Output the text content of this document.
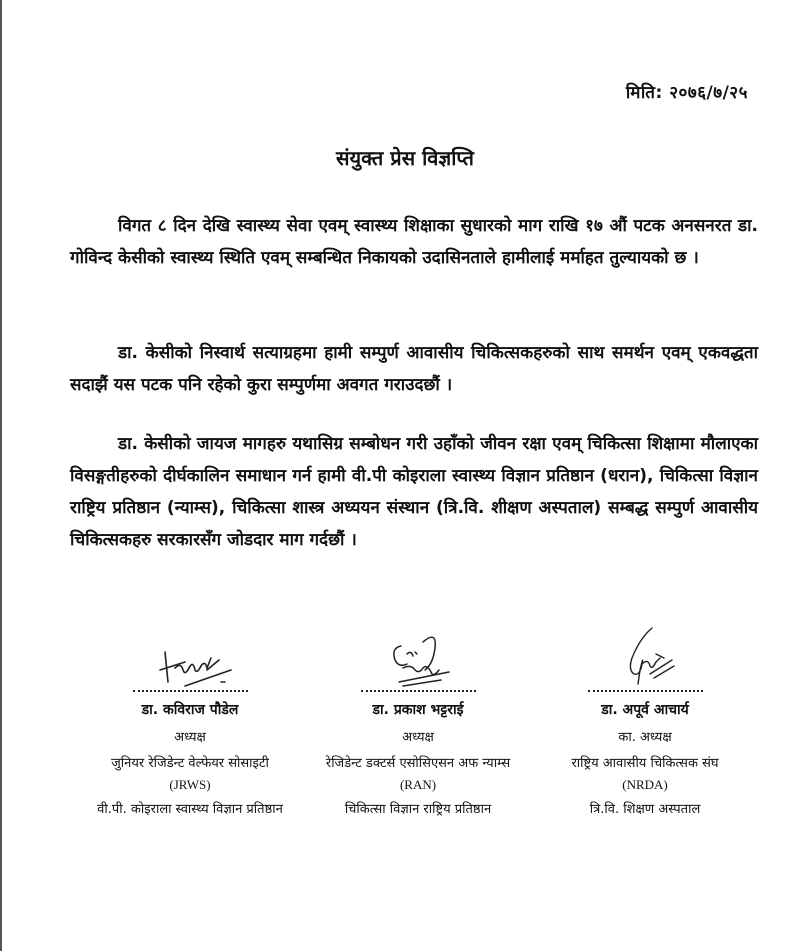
मिति: २०७६/७/२५
संयुक्त प्रेस विज्ञप्ति

विगत ८ दिन देखि स्वास्थ्य सेवा एवम् स्वास्थ्य शिक्षाका सुधारको माग राखि १७ औं पटक अनसनरत डा. गोविन्द केसीको स्वास्थ्य स्थिति एवम् सम्बन्धित निकायको उदासिनताले हामीलाई मर्माहत तुल्यायको छ ।

डा. केसीको निस्वार्थ सत्याग्रहमा हामी सम्पुर्ण आवासीय चिकित्सकहरुको साथ समर्थन एवम् एकवद्धता सदाझैं यस पटक पनि रहेको कुरा सम्पुर्णमा अवगत गराउदछौं ।

डा. केसीको जायज मागहरु यथासिग्र सम्बोधन गरी उहाँको जीवन रक्षा एवम् चिकित्सा शिक्षामा मौलाएका विसङ्गतीहरुको दीर्घकालिन समाधान गर्न हामी वी.पी कोइराला स्वास्थ्य विज्ञान प्रतिष्ठान (धरान), चिकित्सा विज्ञान राष्ट्रिय प्रतिष्ठान (न्याम्स), चिकित्सा शास्त्र अध्ययन संस्थान (त्रि.वि. शीक्षण अस्पताल) सम्बद्ध सम्पुर्ण आवासीय चिकित्सकहरु सरकारसँग जोडदार माग गर्दछौं ।

डा. कविराज पौडेल
अध्यक्ष
जुनियर रेजिडेन्ट वेल्फेयर सोसाइटी
(JRWS)
वी.पी. कोइराला स्वास्थ्य विज्ञान प्रतिष्ठान
डा. प्रकाश भट्टराई
अध्यक्ष
रेजिडेन्ट डक्टर्स एसोसिएसन अफ न्याम्स
(RAN)
चिकित्सा विज्ञान राष्ट्रिय प्रतिष्ठान
डा. अपूर्व आचार्य
का. अध्यक्ष
राष्ट्रिय आवासीय चिकित्सक संघ
(NRDA)
त्रि.वि. शिक्षण अस्पताल
